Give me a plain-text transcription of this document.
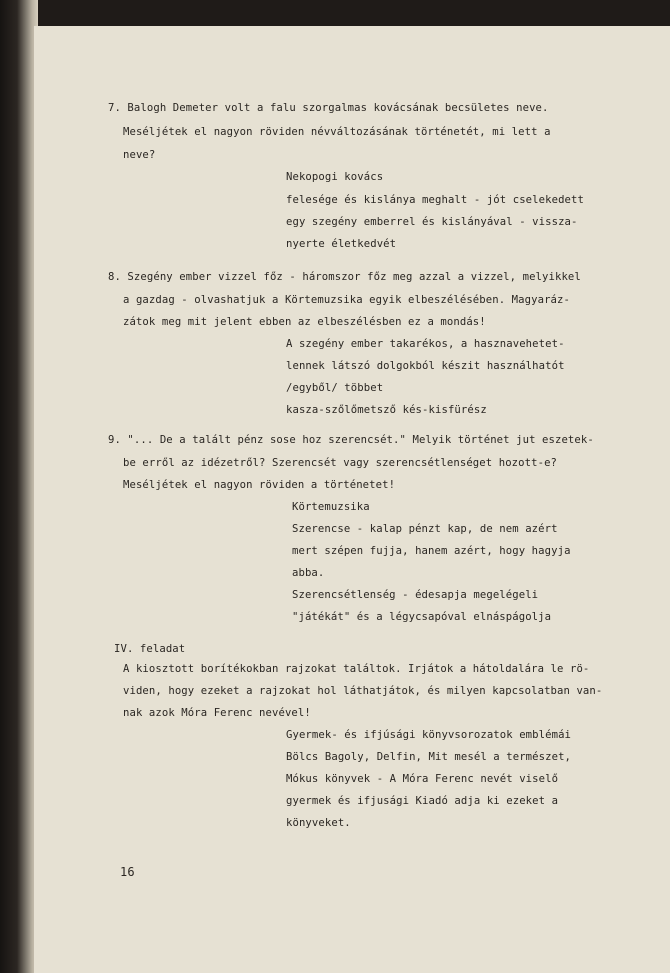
7. Balogh Demeter volt a falu szorgalmas kovácsának becsületes neve.
Meséljétek el nagyon röviden névváltozásának történetét, mi lett a
neve?
Nekopogi kovács
felesége és kislánya meghalt - jót cselekedett
egy szegény emberrel és kislányával - vissza-
nyerte életkedvét
8. Szegény ember vizzel főz - háromszor főz meg azzal a vizzel, melyikkel
a gazdag - olvashatjuk a Körtemuzsika egyik elbeszélésében. Magyaráz-
zátok meg mit jelent ebben az elbeszélésben ez a mondás!
A szegény ember takarékos, a hasznavehetet-
lennek látszó dolgokból készit használhatót
/egyből/ többet
kasza-szőlőmetsző kés-kisfürész
9. "... De a talált pénz sose hoz szerencsét." Melyik történet jut eszetek-
be erről az idézetről? Szerencsét vagy szerencsétlenséget hozott-e?
Meséljétek el nagyon röviden a történetet!
Körtemuzsika
Szerencse - kalap pénzt kap, de nem azért
mert szépen fujja, hanem azért, hogy hagyja
abba.
Szerencsétlenség - édesapja megelégeli
"játékát" és a légycsapóval elnáspágolja
IV. feladat
A kiosztott borítékokban rajzokat találtok. Irjátok a hátoldalára le rö-
viden, hogy ezeket a rajzokat hol láthatjátok, és milyen kapcsolatban van-
nak azok Móra Ferenc nevével!
Gyermek- és ifjúsági könyvsorozatok emblémái
Bölcs Bagoly, Delfin, Mit mesél a természet,
Mókus könyvek - A Móra Ferenc nevét viselő
gyermek és ifjusági Kiadó adja ki ezeket a
könyveket.
16
